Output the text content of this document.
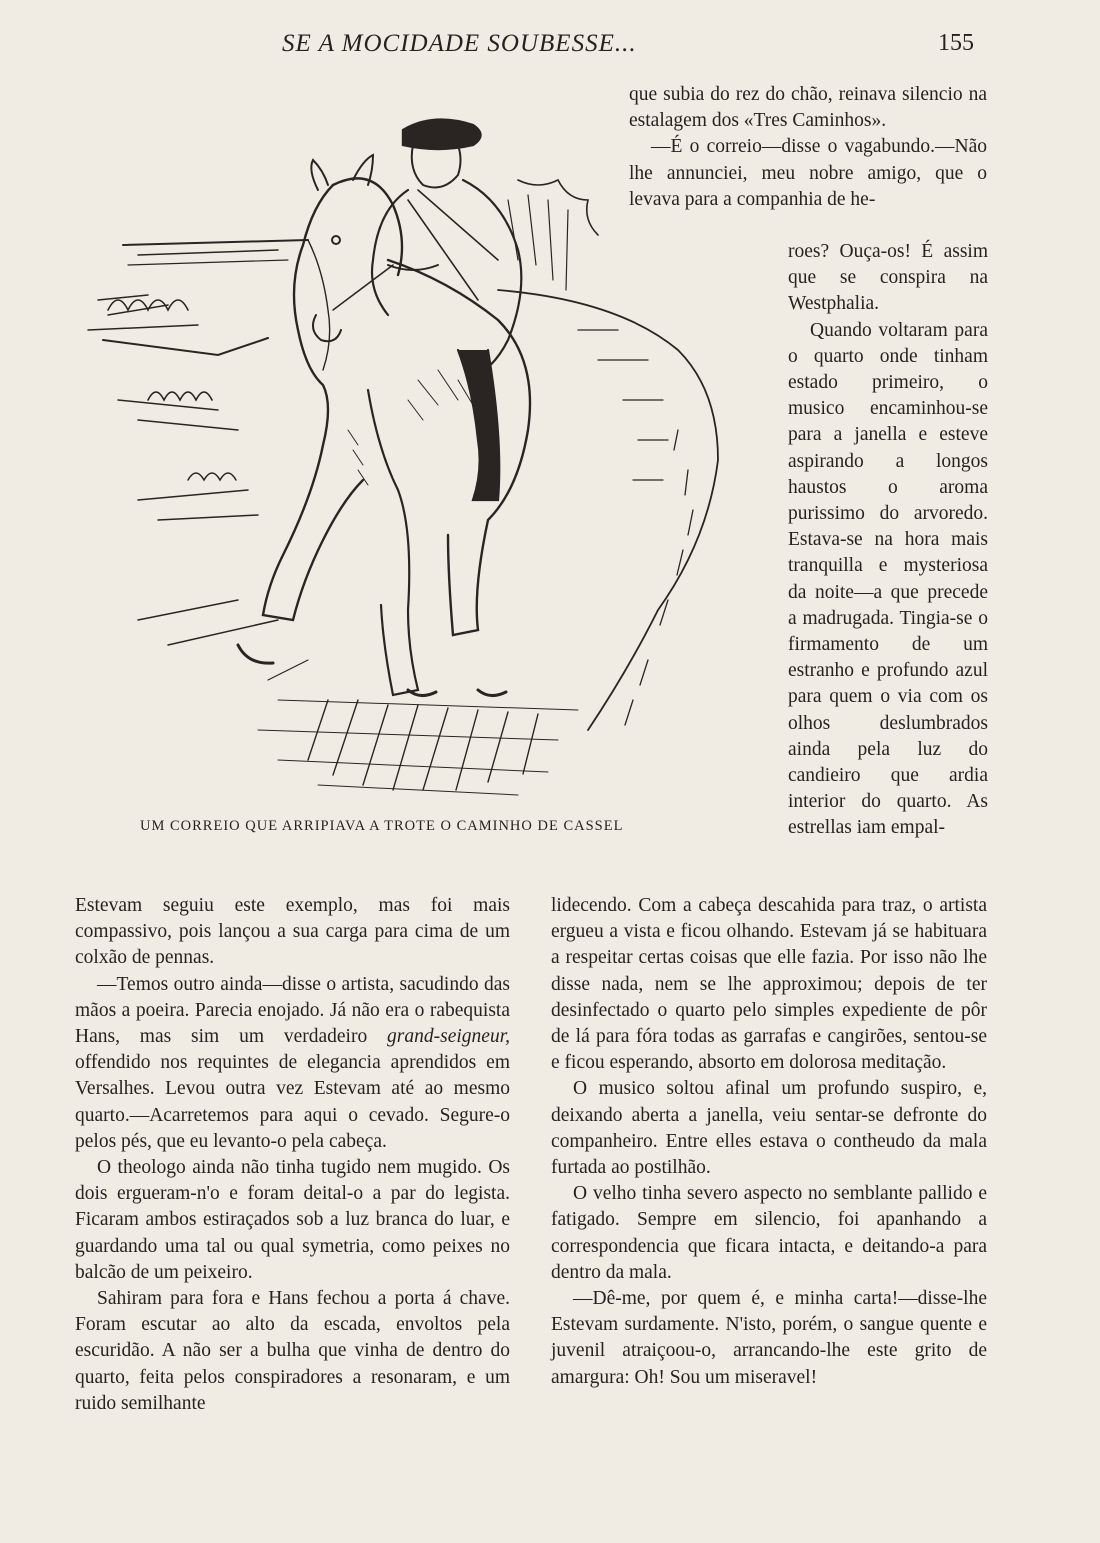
SE A MOCIDADE SOUBESSE...	155
UM CORREIO QUE ARRIPIAVA A TROTE O CAMINHO DE CASSEL

que subia do rez do chão, reinava silencio na estalagem dos «Tres Caminhos».

—É o correio—disse o vagabundo.—Não lhe annunciei, meu nobre amigo, que o levava para a companhia de he-

roes? Ouça-os! É assim que se conspira na Westphalia.

Quando voltaram para o quarto onde tinham estado primeiro, o musico encaminhou-se para a janella e esteve aspirando a longos haustos o aroma purissimo do arvoredo. Estava-se na hora mais tranquilla e mysteriosa da noite—a que precede a madrugada. Tingia-se o firmamento de um estranho e profundo azul para quem o via com os olhos deslumbrados ainda pela luz do candieiro que ardia interior do quarto. As estrellas iam empal-

Estevam seguiu este exemplo, mas foi mais compassivo, pois lançou a sua carga para cima de um colxão de pennas.

—Temos outro ainda—disse o artista, sacudindo das mãos a poeira. Parecia enojado. Já não era o rabequista Hans, mas sim um verdadeiro grand-seigneur, offendido nos requintes de elegancia aprendidos em Versalhes. Levou outra vez Estevam até ao mesmo quarto.—Acarretemos para aqui o cevado. Segure-o pelos pés, que eu levanto-o pela cabeça.

O theologo ainda não tinha tugido nem mugido. Os dois ergueram-n'o e foram deital-o a par do legista. Ficaram ambos estiraçados sob a luz branca do luar, e guardando uma tal ou qual symetria, como peixes no balcão de um peixeiro.

Sahiram para fora e Hans fechou a porta á chave. Foram escutar ao alto da escada, envoltos pela escuridão. A não ser a bulha que vinha de dentro do quarto, feita pelos conspiradores a resonaram, e um ruido semilhante

lidecendo. Com a cabeça descahida para traz, o artista ergueu a vista e ficou olhando. Estevam já se habituara a respeitar certas coisas que elle fazia. Por isso não lhe disse nada, nem se lhe approximou; depois de ter desinfectado o quarto pelo simples expediente de pôr de lá para fóra todas as garrafas e cangirões, sentou-se e ficou esperando, absorto em dolorosa meditação.

O musico soltou afinal um profundo suspiro, e, deixando aberta a janella, veiu sentar-se defronte do companheiro. Entre elles estava o contheudo da mala furtada ao postilhão.

O velho tinha severo aspecto no semblante pallido e fatigado. Sempre em silencio, foi apanhando a correspondencia que ficara intacta, e deitando-a para dentro da mala.

—Dê-me, por quem é, e minha carta!—disse-lhe Estevam surdamente. N'isto, porém, o sangue quente e juvenil atraiçoou-o, arrancando-lhe este grito de amargura: Oh! Sou um miseravel!
